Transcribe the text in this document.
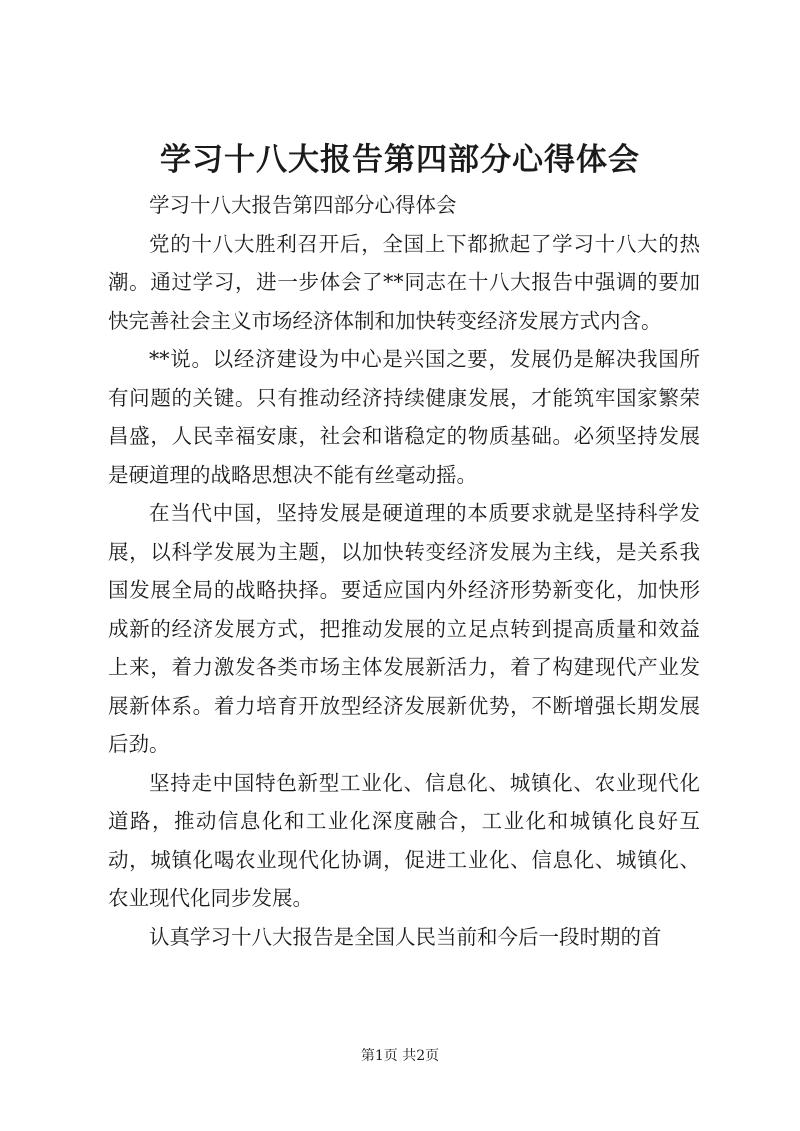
学习十八大报告第四部分心得体会

学习十八大报告第四部分心得体会

党的十八大胜利召开后，全国上下都掀起了学习十八大的热潮。通过学习，进一步体会了**同志在十八大报告中强调的要加快完善社会主义市场经济体制和加快转变经济发展方式内含。

**说。以经济建设为中心是兴国之要，发展仍是解决我国所有问题的关键。只有推动经济持续健康发展，才能筑牢国家繁荣昌盛，人民幸福安康，社会和谐稳定的物质基础。必须坚持发展是硬道理的战略思想决不能有丝毫动摇。

在当代中国，坚持发展是硬道理的本质要求就是坚持科学发展，以科学发展为主题，以加快转变经济发展为主线，是关系我国发展全局的战略抉择。要适应国内外经济形势新变化，加快形成新的经济发展方式，把推动发展的立足点转到提高质量和效益上来，着力激发各类市场主体发展新活力，着了构建现代产业发展新体系。着力培育开放型经济发展新优势，不断增强长期发展后劲。

坚持走中国特色新型工业化、信息化、城镇化、农业现代化道路，推动信息化和工业化深度融合，工业化和城镇化良好互动，城镇化喝农业现代化协调，促进工业化、信息化、城镇化、农业现代化同步发展。

认真学习十八大报告是全国人民当前和今后一段时期的首

第1页 共2页
